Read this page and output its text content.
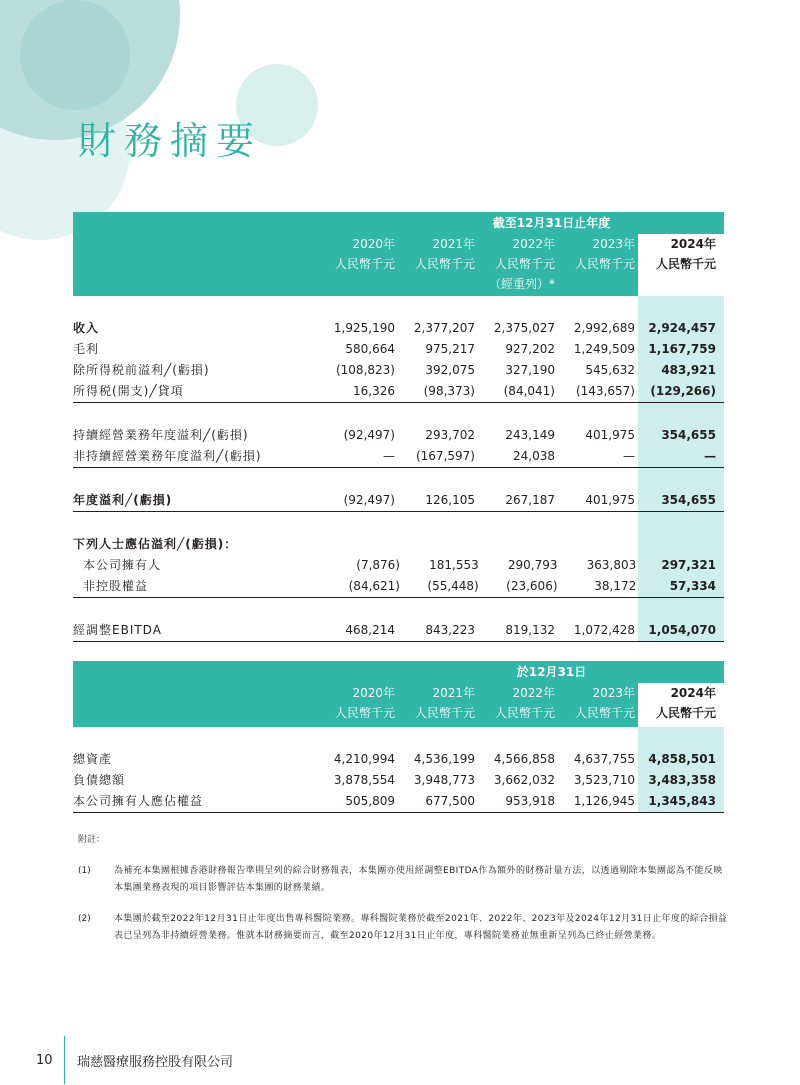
財務摘要
截至12月31日止年度
2020年	2021年	2022年	2023年	2024年
人民幣千元	人民幣千元	人民幣千元	人民幣千元	人民幣千元
（經重列）*
收入	1,925,190	2,377,207	2,375,027	2,992,689	2,924,457
毛利	580,664	975,217	927,202	1,249,509	1,167,759
除所得税前溢利╱(虧損)	(108,823)	392,075	327,190	545,632	483,921
所得税(開支)╱貸項	16,326	(98,373)	(84,041)	(143,657)	(129,266)
持續經營業務年度溢利╱(虧損)	(92,497)	293,702	243,149	401,975	354,655
非持續經營業務年度溢利╱(虧損)	—	(167,597)	24,038	—	—
年度溢利╱(虧損)	(92,497)	126,105	267,187	401,975	354,655
下列人士應佔溢利╱(虧損)：
本公司擁有人	(7,876)	181,553	290,793	363,803	297,321
非控股權益	(84,621)	(55,448)	(23,606)	38,172	57,334
經調整EBITDA	468,214	843,223	819,132	1,072,428	1,054,070
於12月31日
2020年	2021年	2022年	2023年	2024年
人民幣千元	人民幣千元	人民幣千元	人民幣千元	人民幣千元
總資產	4,210,994	4,536,199	4,566,858	4,637,755	4,858,501
負債總額	3,878,554	3,948,773	3,662,032	3,523,710	3,483,358
本公司擁有人應佔權益	505,809	677,500	953,918	1,126,945	1,345,843
附註：
(1)	為補充本集團根據香港財務報告準則呈列的綜合財務報表，本集團亦使用經調整EBITDA作為額外的財務計量方法，以透過剔除本集團認為不能反映本集團業務表現的項目影響評估本集團的財務業績。
(2)	本集團於截至2022年12月31日止年度出售專科醫院業務。專科醫院業務於截至2021年、2022年、2023年及2024年12月31日止年度的綜合損益表已呈列為非持續經營業務。惟就本財務摘要而言，截至2020年12月31日止年度，專科醫院業務並無重新呈列為已終止經營業務。
10	瑞慈醫療服務控股有限公司
